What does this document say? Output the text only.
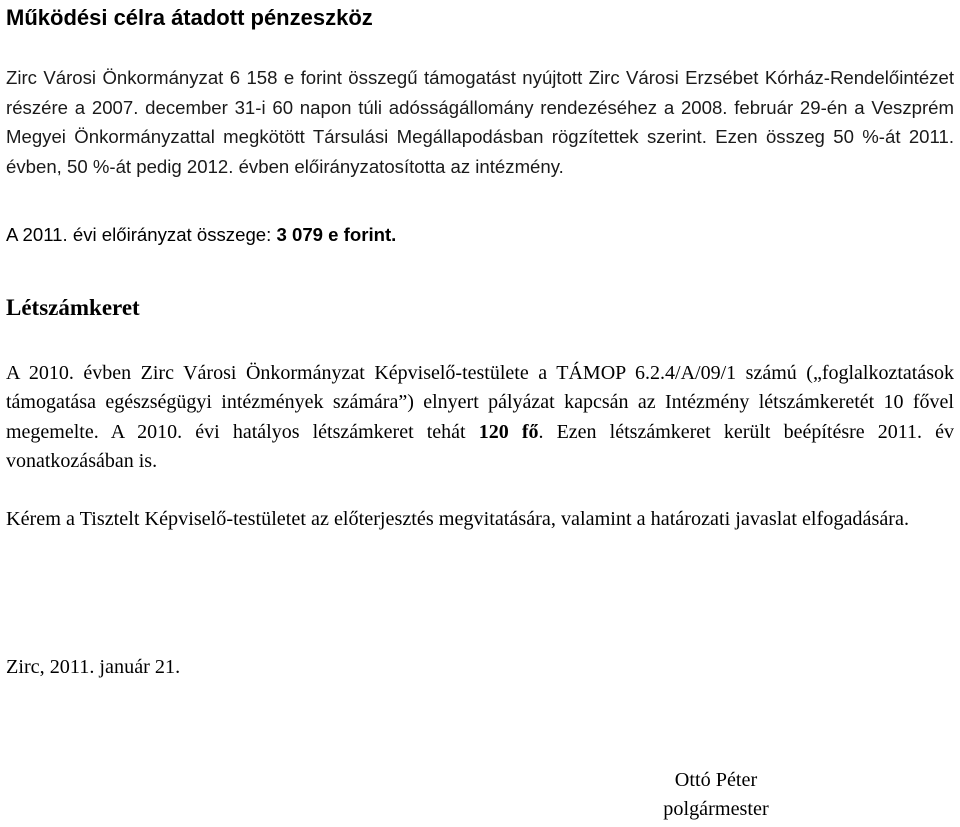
Működési célra átadott pénzeszköz

Zirc Városi Önkormányzat 6 158 e forint összegű támogatást nyújtott Zirc Városi Erzsébet Kórház-Rendelőintézet részére a 2007. december 31-i 60 napon túli adósságállomány rendezéséhez a 2008. február 29-én a Veszprém Megyei Önkormányzattal megkötött Társulási Megállapodásban rögzítettek szerint. Ezen összeg 50 %-át 2011. évben, 50 %-át pedig 2012. évben előirányzatosította az intézmény.

A 2011. évi előirányzat összege: 3 079 e forint.

Létszámkeret

A 2010. évben Zirc Városi Önkormányzat Képviselő-testülete a TÁMOP 6.2.4/A/09/1 számú („foglalkoztatások támogatása egészségügyi intézmények számára”) elnyert pályázat kapcsán az Intézmény létszámkeretét 10 fővel megemelte. A 2010. évi hatályos létszámkeret tehát 120 fő. Ezen létszámkeret került beépítésre 2011. év vonatkozásában is.

Kérem a Tisztelt Képviselő-testületet az előterjesztés megvitatására, valamint a határozati javaslat elfogadására.

Zirc, 2011. január 21.

Ottó Péter
polgármester
